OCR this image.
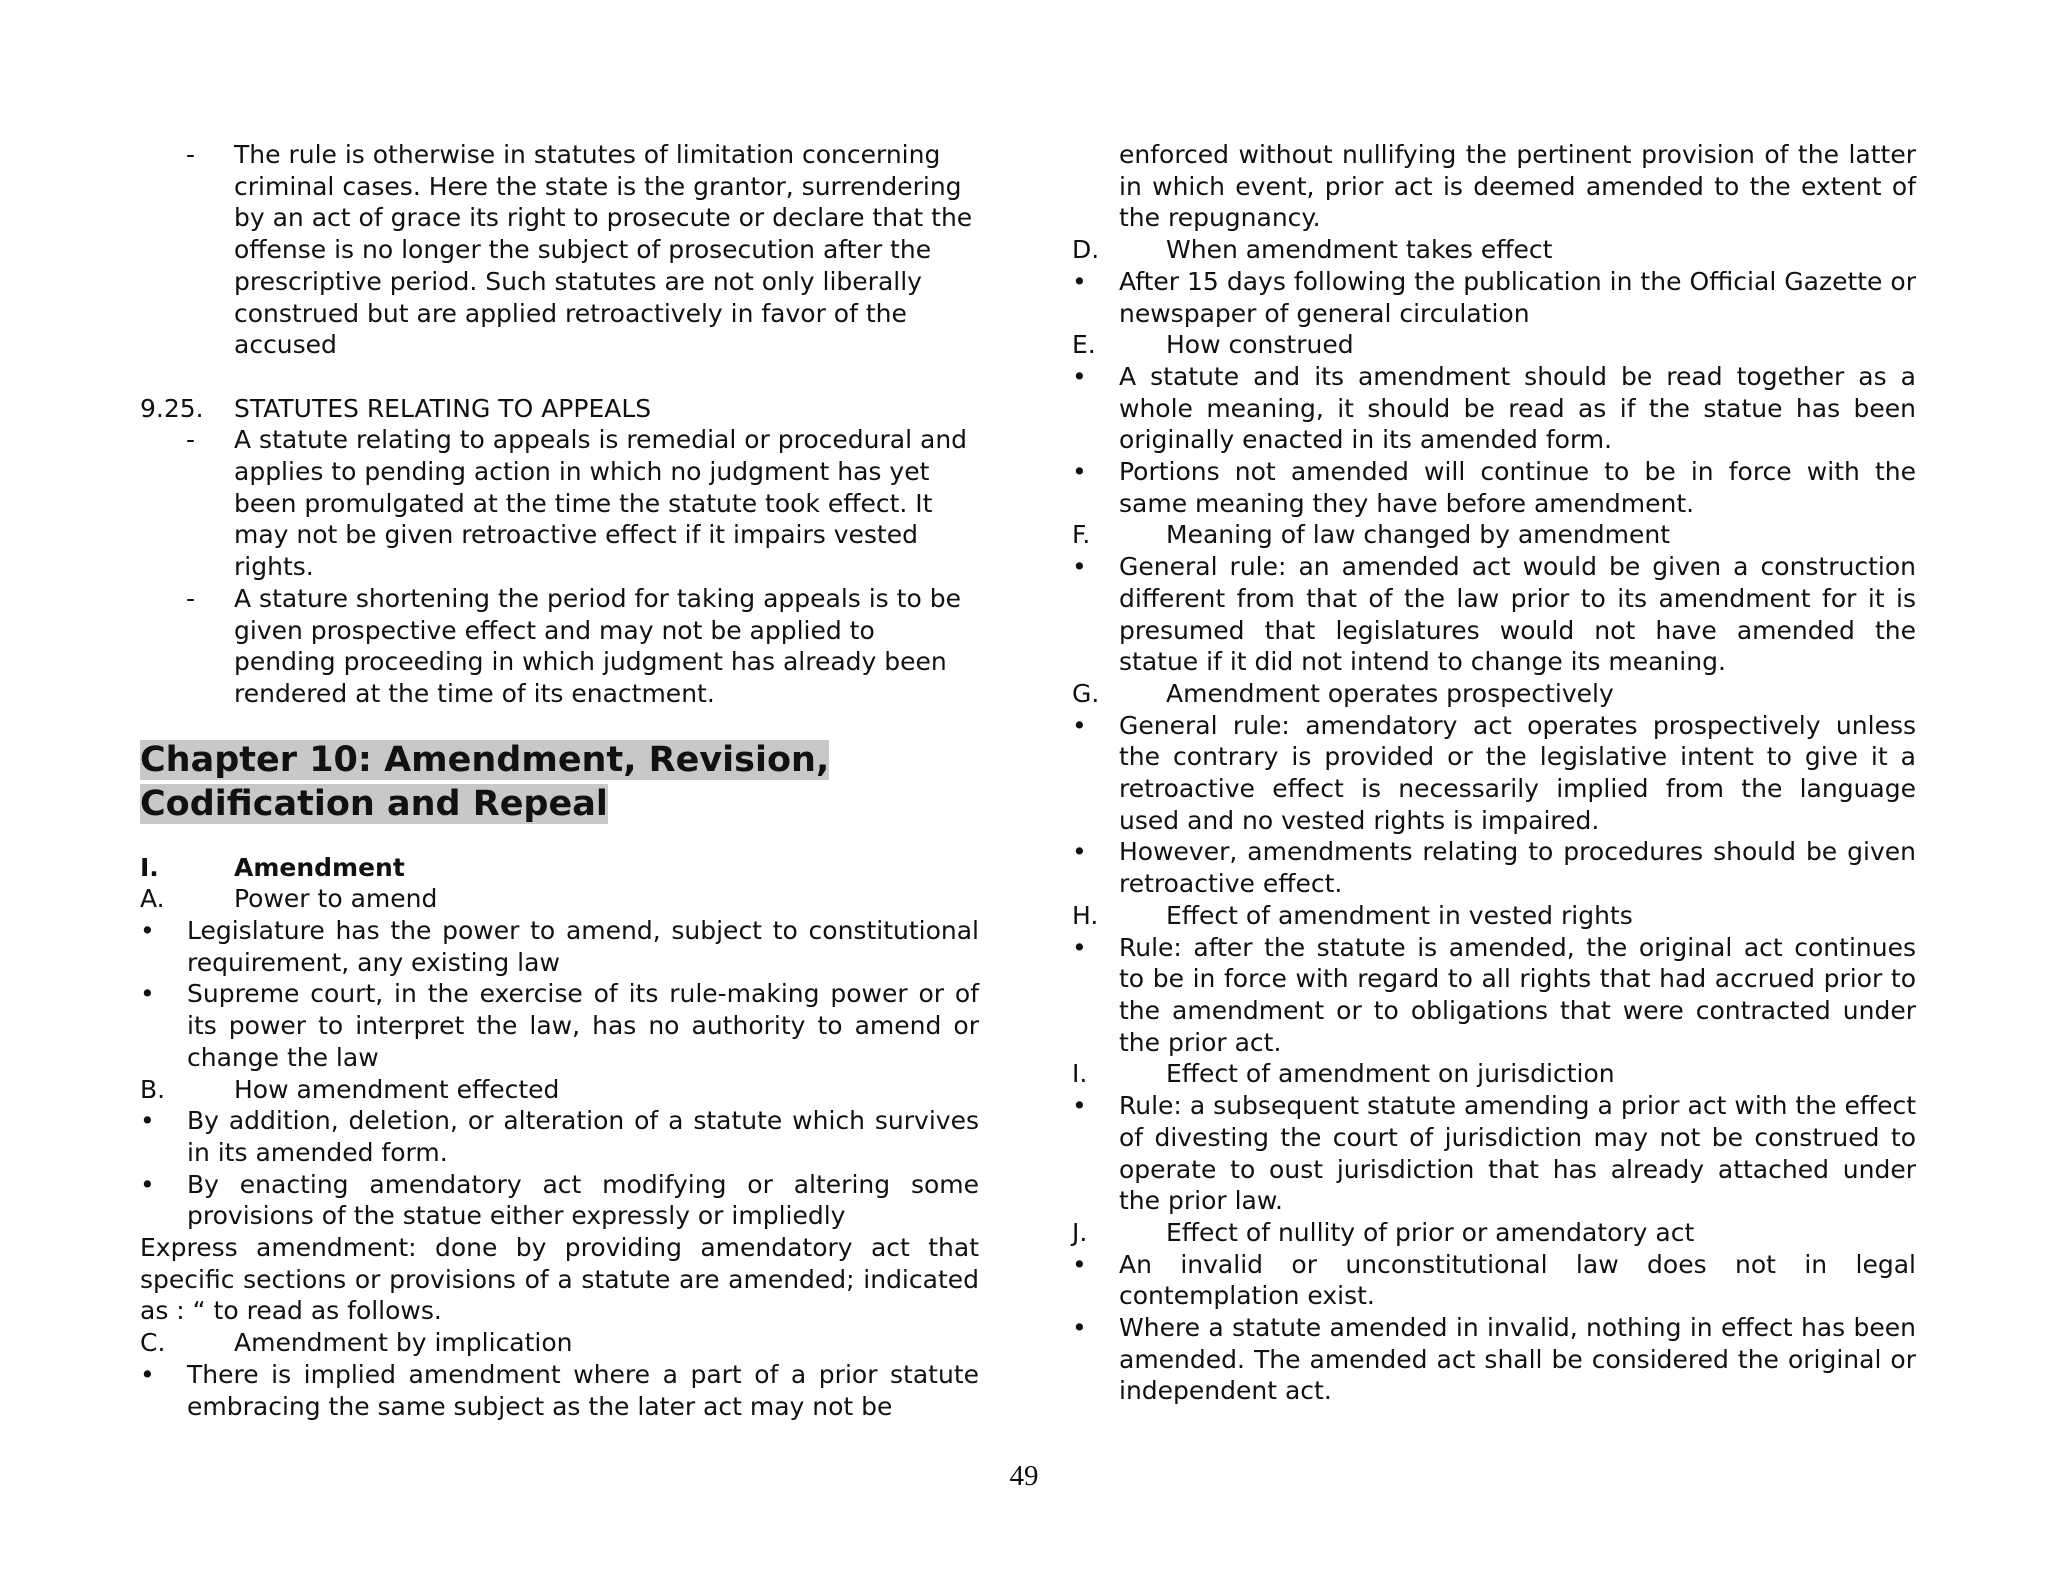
- The rule is otherwise in statutes of limitation concerning criminal cases. Here the state is the grantor, surrendering by an act of grace its right to prosecute or declare that the offense is no longer the subject of prosecution after the prescriptive period. Such statutes are not only liberally construed but are applied retroactively in favor of the accused
9.25. STATUTES RELATING TO APPEALS
- A statute relating to appeals is remedial or procedural and applies to pending action in which no judgment has yet been promulgated at the time the statute took effect. It may not be given retroactive effect if it impairs vested rights.
- A stature shortening the period for taking appeals is to be given prospective effect and may not be applied to pending proceeding in which judgment has already been rendered at the time of its enactment.
Chapter 10: Amendment, Revision,
Codification and Repeal
I.	Amendment
A.	Power to amend
• Legislature has the power to amend, subject to constitutional requirement, any existing law
• Supreme court, in the exercise of its rule-making power or of its power to interpret the law, has no authority to amend or change the law
B.	How amendment effected
• By addition, deletion, or alteration of a statute which survives in its amended form.
• By enacting amendatory act modifying or altering some provisions of the statue either expressly or impliedly
Express amendment: done by providing amendatory act that specific sections or provisions of a statute are amended; indicated as : “ to read as follows.
C.	Amendment by implication
• There is implied amendment where a part of a prior statute embracing the same subject as the later act may not be
enforced without nullifying the pertinent provision of the latter in which event, prior act is deemed amended to the extent of the repugnancy.
D.	When amendment takes effect
• After 15 days following the publication in the Official Gazette or newspaper of general circulation
E.	How construed
• A statute and its amendment should be read together as a whole meaning, it should be read as if the statue has been originally enacted in its amended form.
• Portions not amended will continue to be in force with the same meaning they have before amendment.
F.	Meaning of law changed by amendment
• General rule: an amended act would be given a construction different from that of the law prior to its amendment for it is presumed that legislatures would not have amended the statue if it did not intend to change its meaning.
G.	Amendment operates prospectively
• General rule: amendatory act operates prospectively unless the contrary is provided or the legislative intent to give it a retroactive effect is necessarily implied from the language used and no vested rights is impaired.
• However, amendments relating to procedures should be given retroactive effect.
H.	Effect of amendment in vested rights
• Rule: after the statute is amended, the original act continues to be in force with regard to all rights that had accrued prior to the amendment or to obligations that were contracted under the prior act.
I.	Effect of amendment on jurisdiction
• Rule: a subsequent statute amending a prior act with the effect of divesting the court of jurisdiction may not be construed to operate to oust jurisdiction that has already attached under the prior law.
J.	Effect of nullity of prior or amendatory act
• An invalid or unconstitutional law does not in legal contemplation exist.
• Where a statute amended in invalid, nothing in effect has been amended. The amended act shall be considered the original or independent act.
49
